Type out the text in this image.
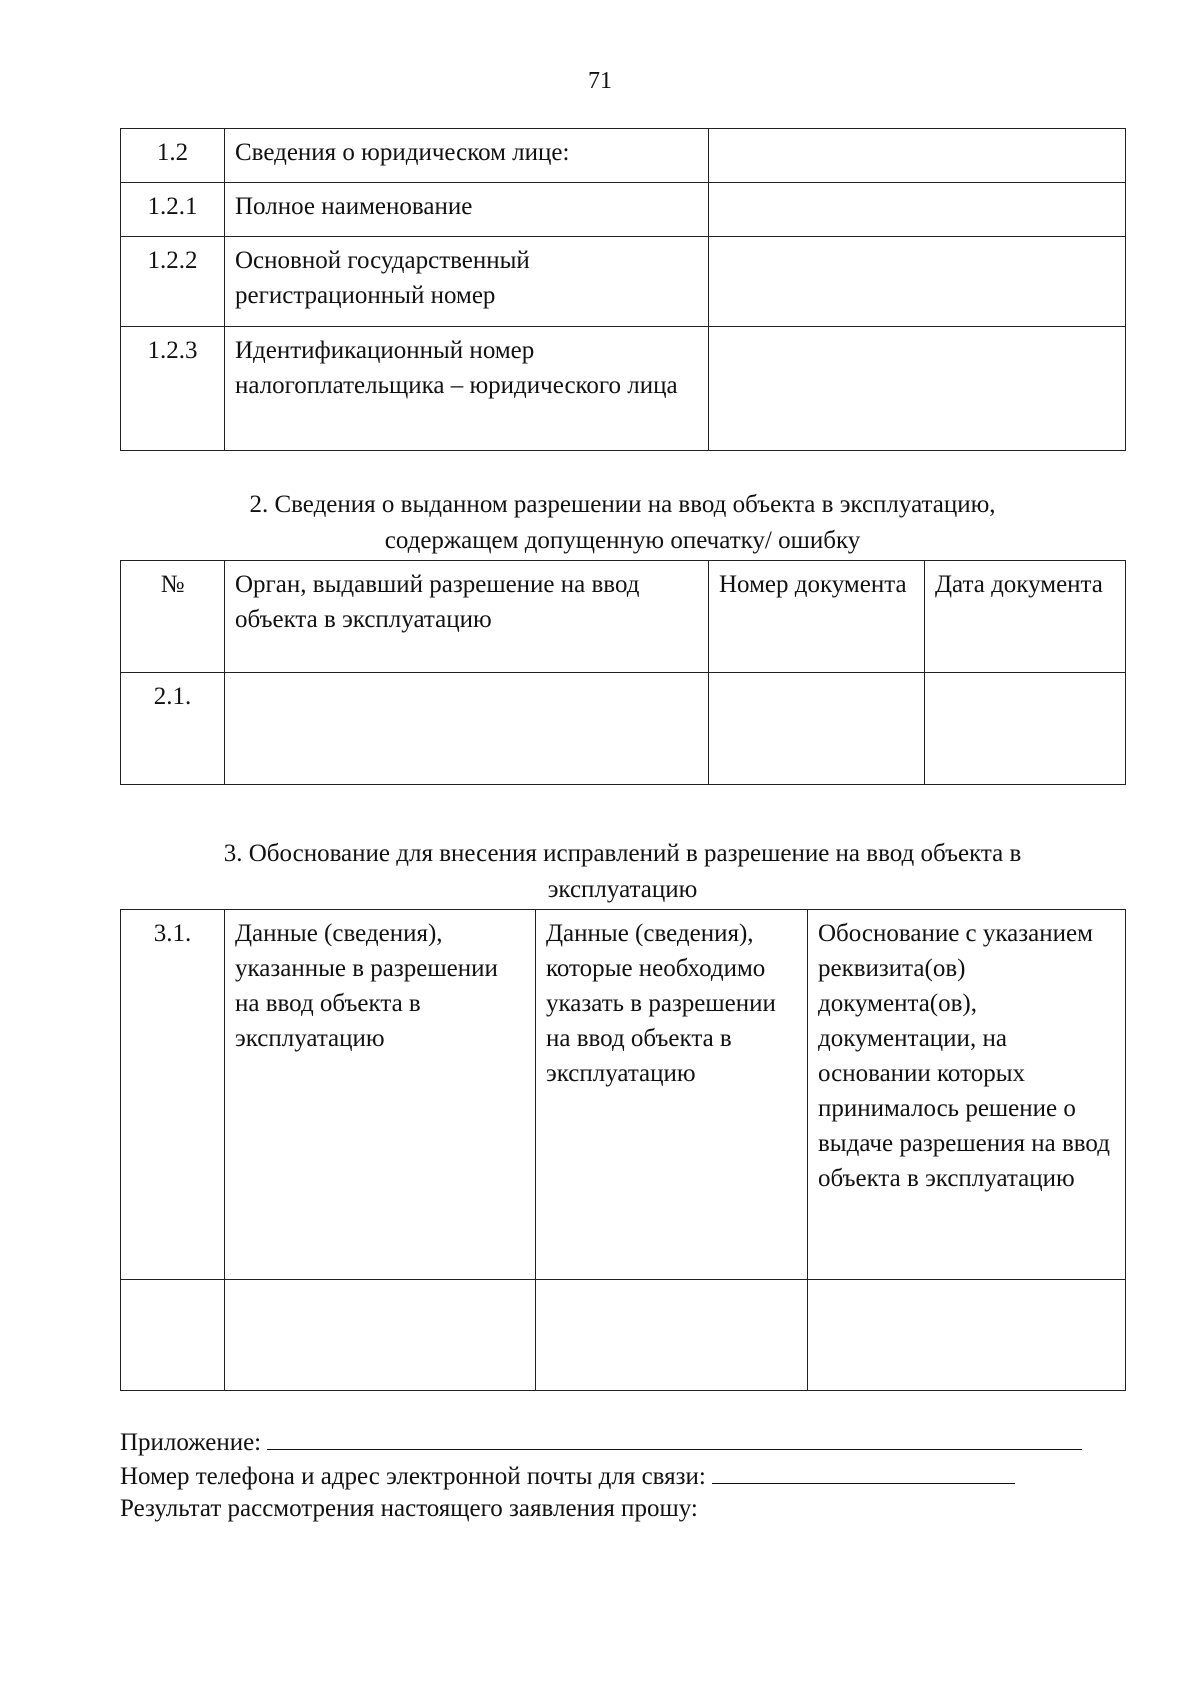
71
1.2	Сведения о юридическом лице:	
1.2.1	Полное наименование	
1.2.2	Основной государственный регистрационный номер	
1.2.3	Идентификационный номер налогоплательщика – юридического лица	
2. Сведения о выданном разрешении на ввод объекта в эксплуатацию,
содержащем допущенную опечатку/ ошибку
№	Орган, выдавший разрешение на ввод объекта в эксплуатацию	Номер документа	Дата документа
2.1.			
3. Обоснование для внесения исправлений в разрешение на ввод объекта в
эксплуатацию
3.1.	Данные (сведения), указанные в разрешении на ввод объекта в эксплуатацию	Данные (сведения), которые необходимо указать в разрешении на ввод объекта в эксплуатацию	Обоснование с указанием реквизита(ов) документа(ов), документации, на основании которых принималось решение о выдаче разрешения на ввод объекта в эксплуатацию

Приложение:
Номер телефона и адрес электронной почты для связи:
Результат рассмотрения настоящего заявления прошу:
